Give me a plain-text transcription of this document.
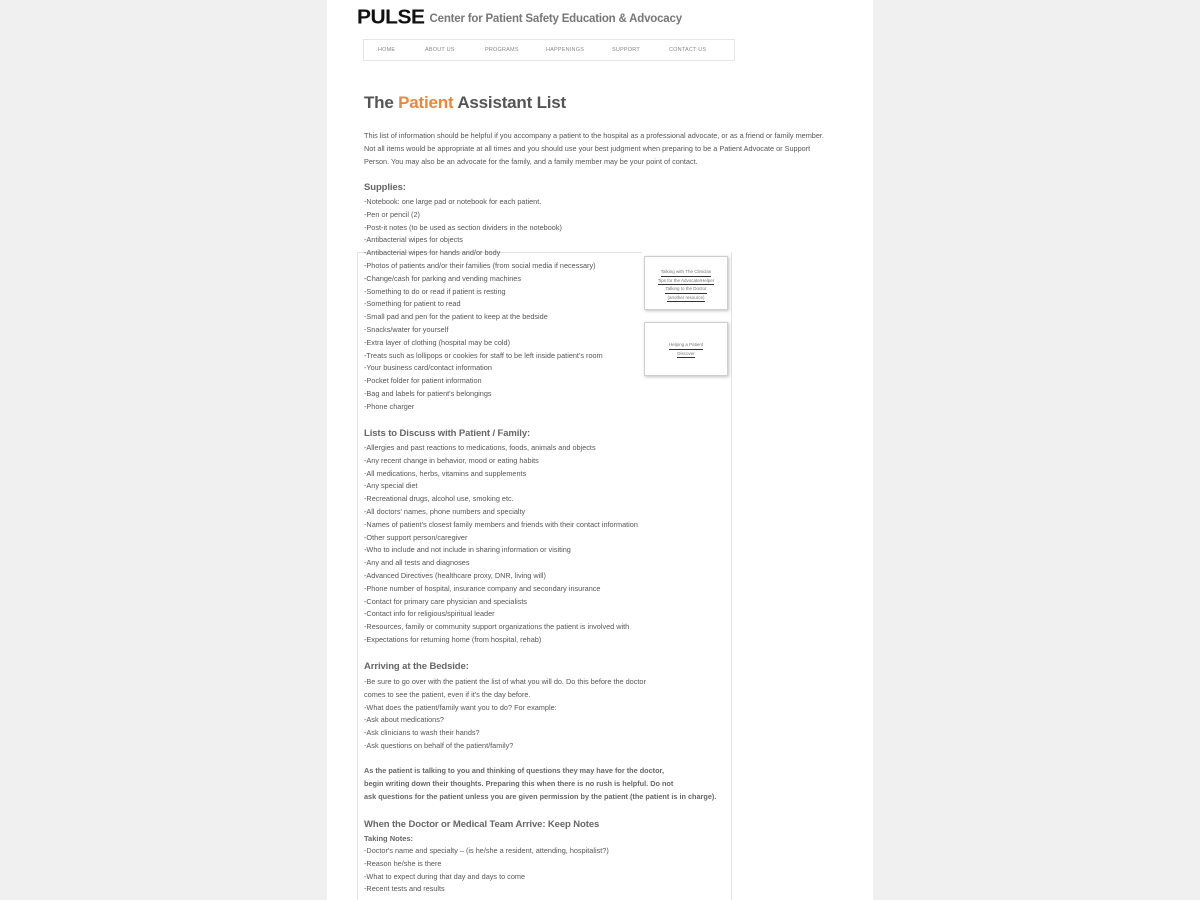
PULSE Center for Patient Safety Education & Advocacy
HOME	ABOUT US	PROGRAMS	HAPPENINGS	SUPPORT	CONTACT US
The Patient Assistant List
This list of information should be helpful if you accompany a patient to the hospital as a professional advocate, or as a friend or family member. Not all items would be appropriate at all times and you should use your best judgment when preparing to be a Patient Advocate or Support Person. You may also be an advocate for the family, and a family member may be your point of contact.
Supplies:
-Notebook: one large pad or notebook for each patient.
-Pen or pencil (2)
-Post-it notes (to be used as section dividers in the notebook)
-Antibacterial wipes for objects
-Antibacterial wipes for hands and/or body
-Photos of patients and/or their families (from social media if necessary)
-Change/cash for parking and vending machines
-Something to do or read if patient is resting
-Something for patient to read
-Small pad and pen for the patient to keep at the bedside
-Snacks/water for yourself
-Extra layer of clothing (hospital may be cold)
-Treats such as lollipops or cookies for staff to be left inside patient's room
-Your business card/contact information
-Pocket folder for patient information
-Bag and labels for patient's belongings
-Phone charger
Talking with The Clinician
Tips for the Advocate/Helper
Talking to the Doctor
(another resource)
Helping a Patient
Discover
Lists to Discuss with Patient / Family:
-Allergies and past reactions to medications, foods, animals and objects
-Any recent change in behavior, mood or eating habits
-All medications, herbs, vitamins and supplements
-Any special diet
-Recreational drugs, alcohol use, smoking etc.
-All doctors' names, phone numbers and specialty
-Names of patient's closest family members and friends with their contact information
-Other support person/caregiver
-Who to include and not include in sharing information or visiting
-Any and all tests and diagnoses
-Advanced Directives (healthcare proxy, DNR, living will)
-Phone number of hospital, insurance company and secondary insurance
-Contact for primary care physician and specialists
-Contact info for religious/spiritual leader
-Resources, family or community support organizations the patient is involved with
-Expectations for returning home (from hospital, rehab)
Arriving at the Bedside:
-Be sure to go over with the patient the list of what you will do. Do this before the doctor
comes to see the patient, even if it's the day before.
-What does the patient/family want you to do? For example:
-Ask about medications?
-Ask clinicians to wash their hands?
-Ask questions on behalf of the patient/family?
As the patient is talking to you and thinking of questions they may have for the doctor,
begin writing down their thoughts. Preparing this when there is no rush is helpful. Do not
ask questions for the patient unless you are given permission by the patient (the patient is in charge).
When the Doctor or Medical Team Arrive: Keep Notes
Taking Notes:
-Doctor's name and specialty – (is he/she a resident, attending, hospitalist?)
-Reason he/she is there
-What to expect during that day and days to come
-Recent tests and results
